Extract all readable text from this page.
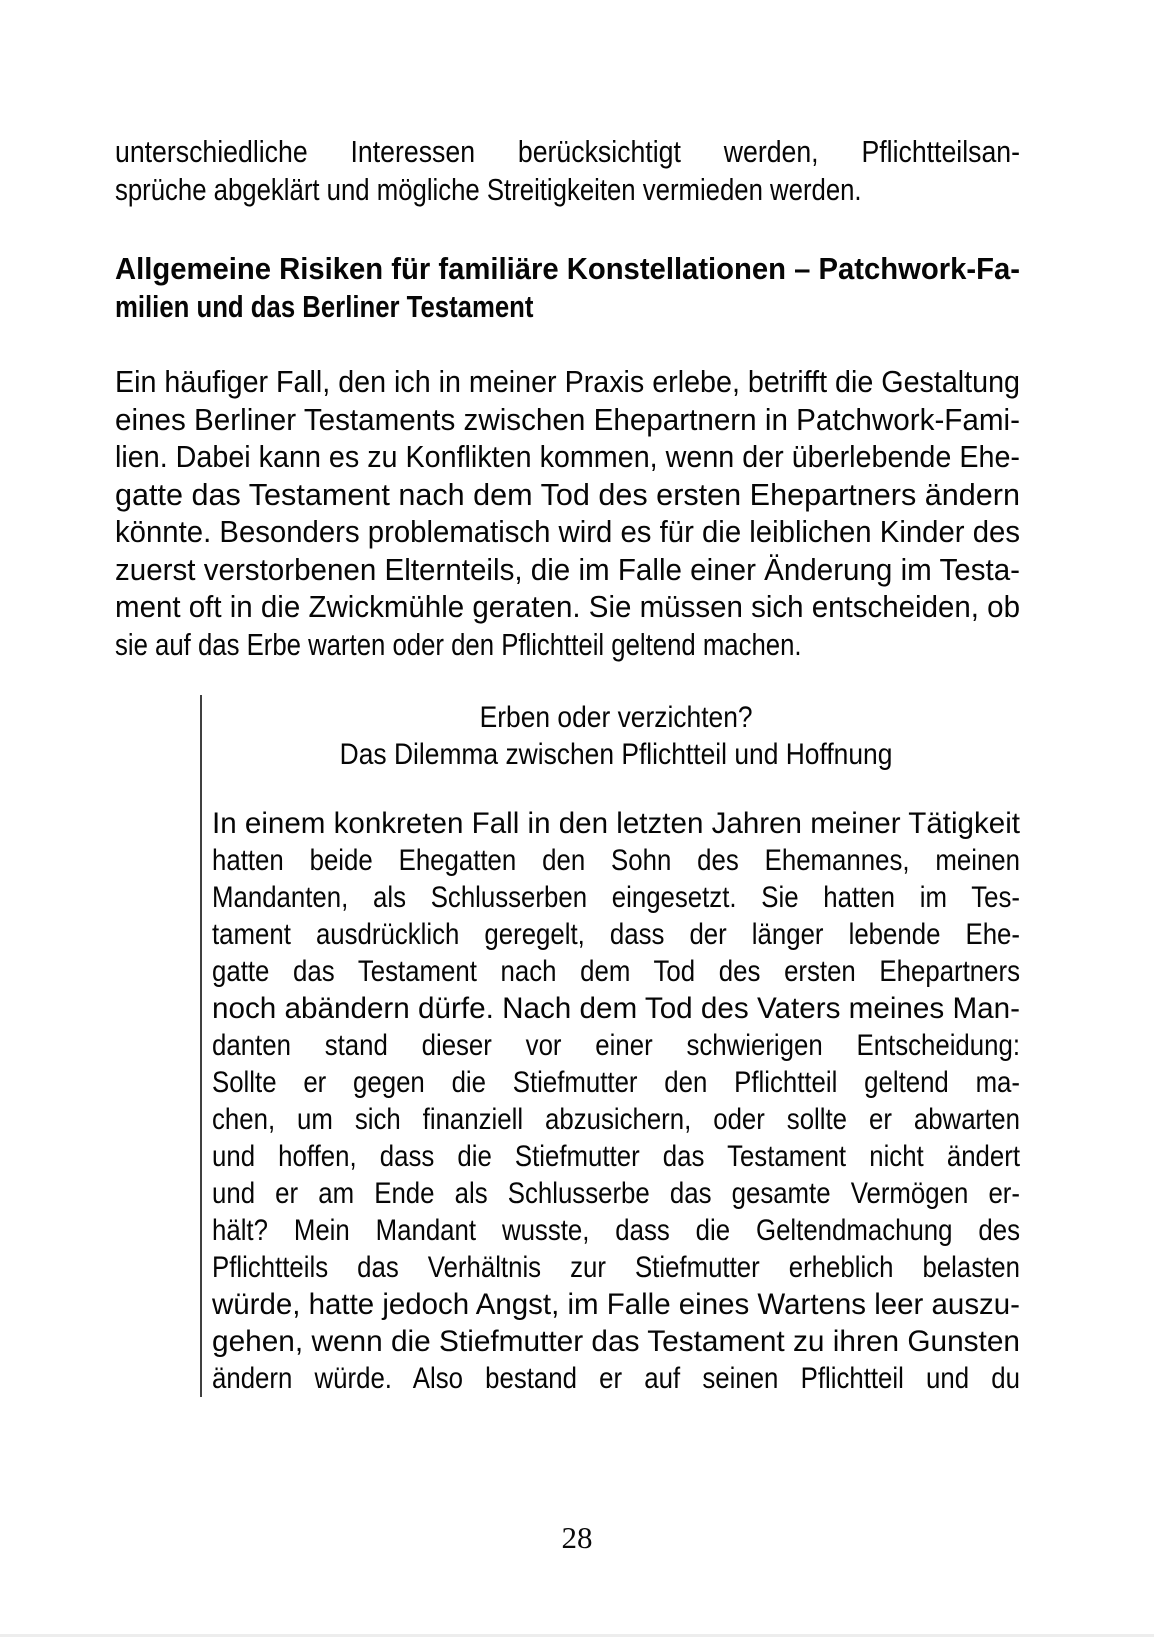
unterschiedliche Interessen berücksichtigt werden, Pflichtteilsan-
sprüche abgeklärt und mögliche Streitigkeiten vermieden werden.
Allgemeine Risiken für familiäre Konstellationen – Patchwork-Fa-
milien und das Berliner Testament
Ein häufiger Fall, den ich in meiner Praxis erlebe, betrifft die Gestaltung
eines Berliner Testaments zwischen Ehepartnern in Patchwork-Fami-
lien. Dabei kann es zu Konflikten kommen, wenn der überlebende Ehe-
gatte das Testament nach dem Tod des ersten Ehepartners ändern
könnte. Besonders problematisch wird es für die leiblichen Kinder des
zuerst verstorbenen Elternteils, die im Falle einer Änderung im Testa-
ment oft in die Zwickmühle geraten. Sie müssen sich entscheiden, ob
sie auf das Erbe warten oder den Pflichtteil geltend machen.
Erben oder verzichten?
Das Dilemma zwischen Pflichtteil und Hoffnung
In einem konkreten Fall in den letzten Jahren meiner Tätigkeit
hatten beide Ehegatten den Sohn des Ehemannes, meinen
Mandanten, als Schlusserben eingesetzt. Sie hatten im Tes-
tament ausdrücklich geregelt, dass der länger lebende Ehe-
gatte das Testament nach dem Tod des ersten Ehepartners
noch abändern dürfe. Nach dem Tod des Vaters meines Man-
danten stand dieser vor einer schwierigen Entscheidung:
Sollte er gegen die Stiefmutter den Pflichtteil geltend ma-
chen, um sich finanziell abzusichern, oder sollte er abwarten
und hoffen, dass die Stiefmutter das Testament nicht ändert
und er am Ende als Schlusserbe das gesamte Vermögen er-
hält? Mein Mandant wusste, dass die Geltendmachung des
Pflichtteils das Verhältnis zur Stiefmutter erheblich belasten
würde, hatte jedoch Angst, im Falle eines Wartens leer auszu-
gehen, wenn die Stiefmutter das Testament zu ihren Gunsten
ändern würde. Also bestand er auf seinen Pflichtteil und du
28
